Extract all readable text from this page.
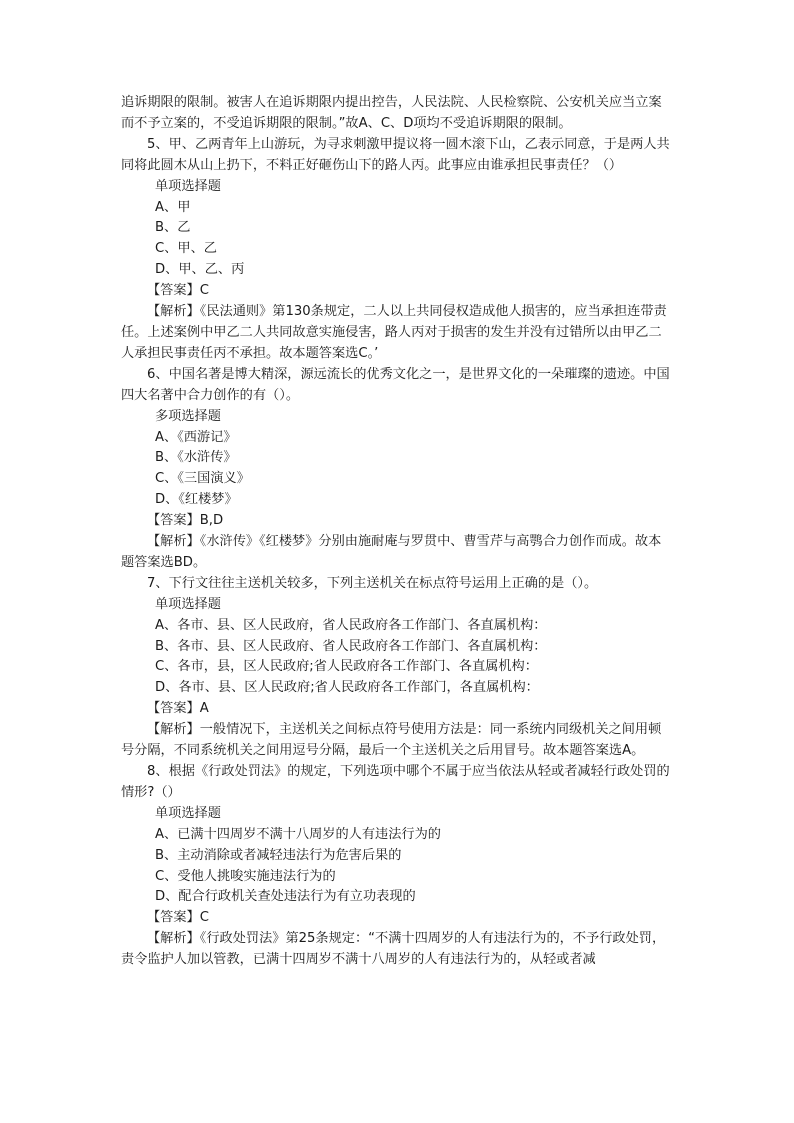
追诉期限的限制。被害人在追诉期限内提出控告，人民法院、人民检察院、公安机关应当立案而不予立案的，不受追诉期限的限制。”故A、C、D项均不受追诉期限的限制。

5、甲、乙两青年上山游玩，为寻求刺激甲提议将一圆木滚下山，乙表示同意，于是两人共同将此圆木从山上扔下，不料正好砸伤山下的路人丙。此事应由谁承担民事责任？（）

单项选择题

A、甲

B、乙

C、甲、乙

D、甲、乙、丙

【答案】C

【解析】《民法通则》第130条规定，二人以上共同侵权造成他人损害的，应当承担连带责任。上述案例中甲乙二人共同故意实施侵害，路人丙对于损害的发生并没有过错所以由甲乙二人承担民事责任丙不承担。故本题答案选C。’

6、中国名著是博大精深，源远流长的优秀文化之一，是世界文化的一朵璀璨的遗迹。中国四大名著中合力创作的有（）。

多项选择题

A、《西游记》

B、《水浒传》

C、《三国演义》

D、《红楼梦》

【答案】B,D

【解析】《水浒传》《红楼梦》分别由施耐庵与罗贯中、曹雪芹与高鹗合力创作而成。故本题答案选BD。

7、下行文往往主送机关较多，下列主送机关在标点符号运用上正确的是（）。

单项选择题

A、各市、县、区人民政府，省人民政府各工作部门、各直属机构：

B、各市、县、区人民政府、省人民政府各工作部门、各直属机构：

C、各市，县，区人民政府;省人民政府各工作部门、各直属机构：

D、各市、县、区人民政府;省人民政府各工作部门，各直属机构：

【答案】A

【解析】一般情况下，主送机关之间标点符号使用方法是：同一系统内同级机关之间用顿号分隔，不同系统机关之间用逗号分隔，最后一个主送机关之后用冒号。故本题答案选A。

8、根据《行政处罚法》的规定，下列选项中哪个不属于应当依法从轻或者减轻行政处罚的情形?（）

单项选择题

A、已满十四周岁不满十八周岁的人有违法行为的

B、主动消除或者减轻违法行为危害后果的

C、受他人挑唆实施违法行为的

D、配合行政机关查处违法行为有立功表现的

【答案】C

【解析】《行政处罚法》第25条规定：“不满十四周岁的人有违法行为的，不予行政处罚，责令监护人加以管教，已满十四周岁不满十八周岁的人有违法行为的，从轻或者减
